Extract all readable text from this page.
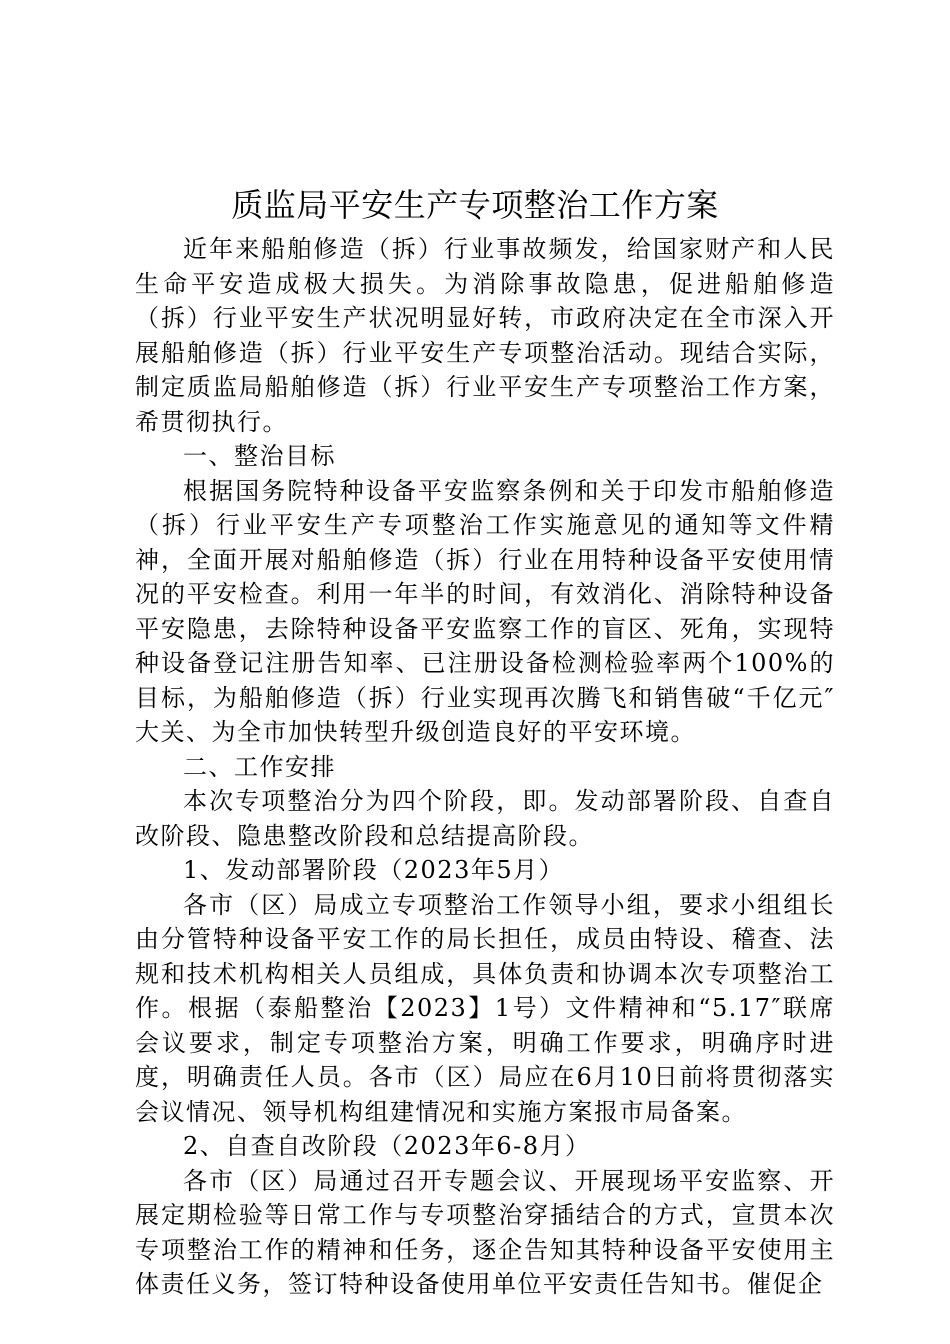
质监局平安生产专项整治工作方案

近年来船舶修造（拆）行业事故频发，给国家财产和人民生命平安造成极大损失。为消除事故隐患，促进船舶修造（拆）行业平安生产状况明显好转，市政府决定在全市深入开展船舶修造（拆）行业平安生产专项整治活动。现结合实际，制定质监局船舶修造（拆）行业平安生产专项整治工作方案，希贯彻执行。

一、整治目标

根据国务院特种设备平安监察条例和关于印发市船舶修造（拆）行业平安生产专项整治工作实施意见的通知等文件精神，全面开展对船舶修造（拆）行业在用特种设备平安使用情况的平安检查。利用一年半的时间，有效消化、消除特种设备平安隐患，去除特种设备平安监察工作的盲区、死角，实现特种设备登记注册告知率、已注册设备检测检验率两个100%的目标，为船舶修造（拆）行业实现再次腾飞和销售破“千亿元″大关、为全市加快转型升级创造良好的平安环境。

二、工作安排

本次专项整治分为四个阶段，即。发动部署阶段、自查自改阶段、隐患整改阶段和总结提高阶段。

1、发动部署阶段（2023年5月）

各市（区）局成立专项整治工作领导小组，要求小组组长由分管特种设备平安工作的局长担任，成员由特设、稽查、法规和技术机构相关人员组成，具体负责和协调本次专项整治工作。根据（泰船整治【2023】1号）文件精神和“5.17″联席会议要求，制定专项整治方案，明确工作要求，明确序时进度，明确责任人员。各市（区）局应在6月10日前将贯彻落实会议情况、领导机构组建情况和实施方案报市局备案。

2、自查自改阶段（2023年6-8月）

各市（区）局通过召开专题会议、开展现场平安监察、开展定期检验等日常工作与专项整治穿插结合的方式，宣贯本次专项整治工作的精神和任务，逐企告知其特种设备平安使用主体责任义务，签订特种设备使用单位平安责任告知书。催促企
